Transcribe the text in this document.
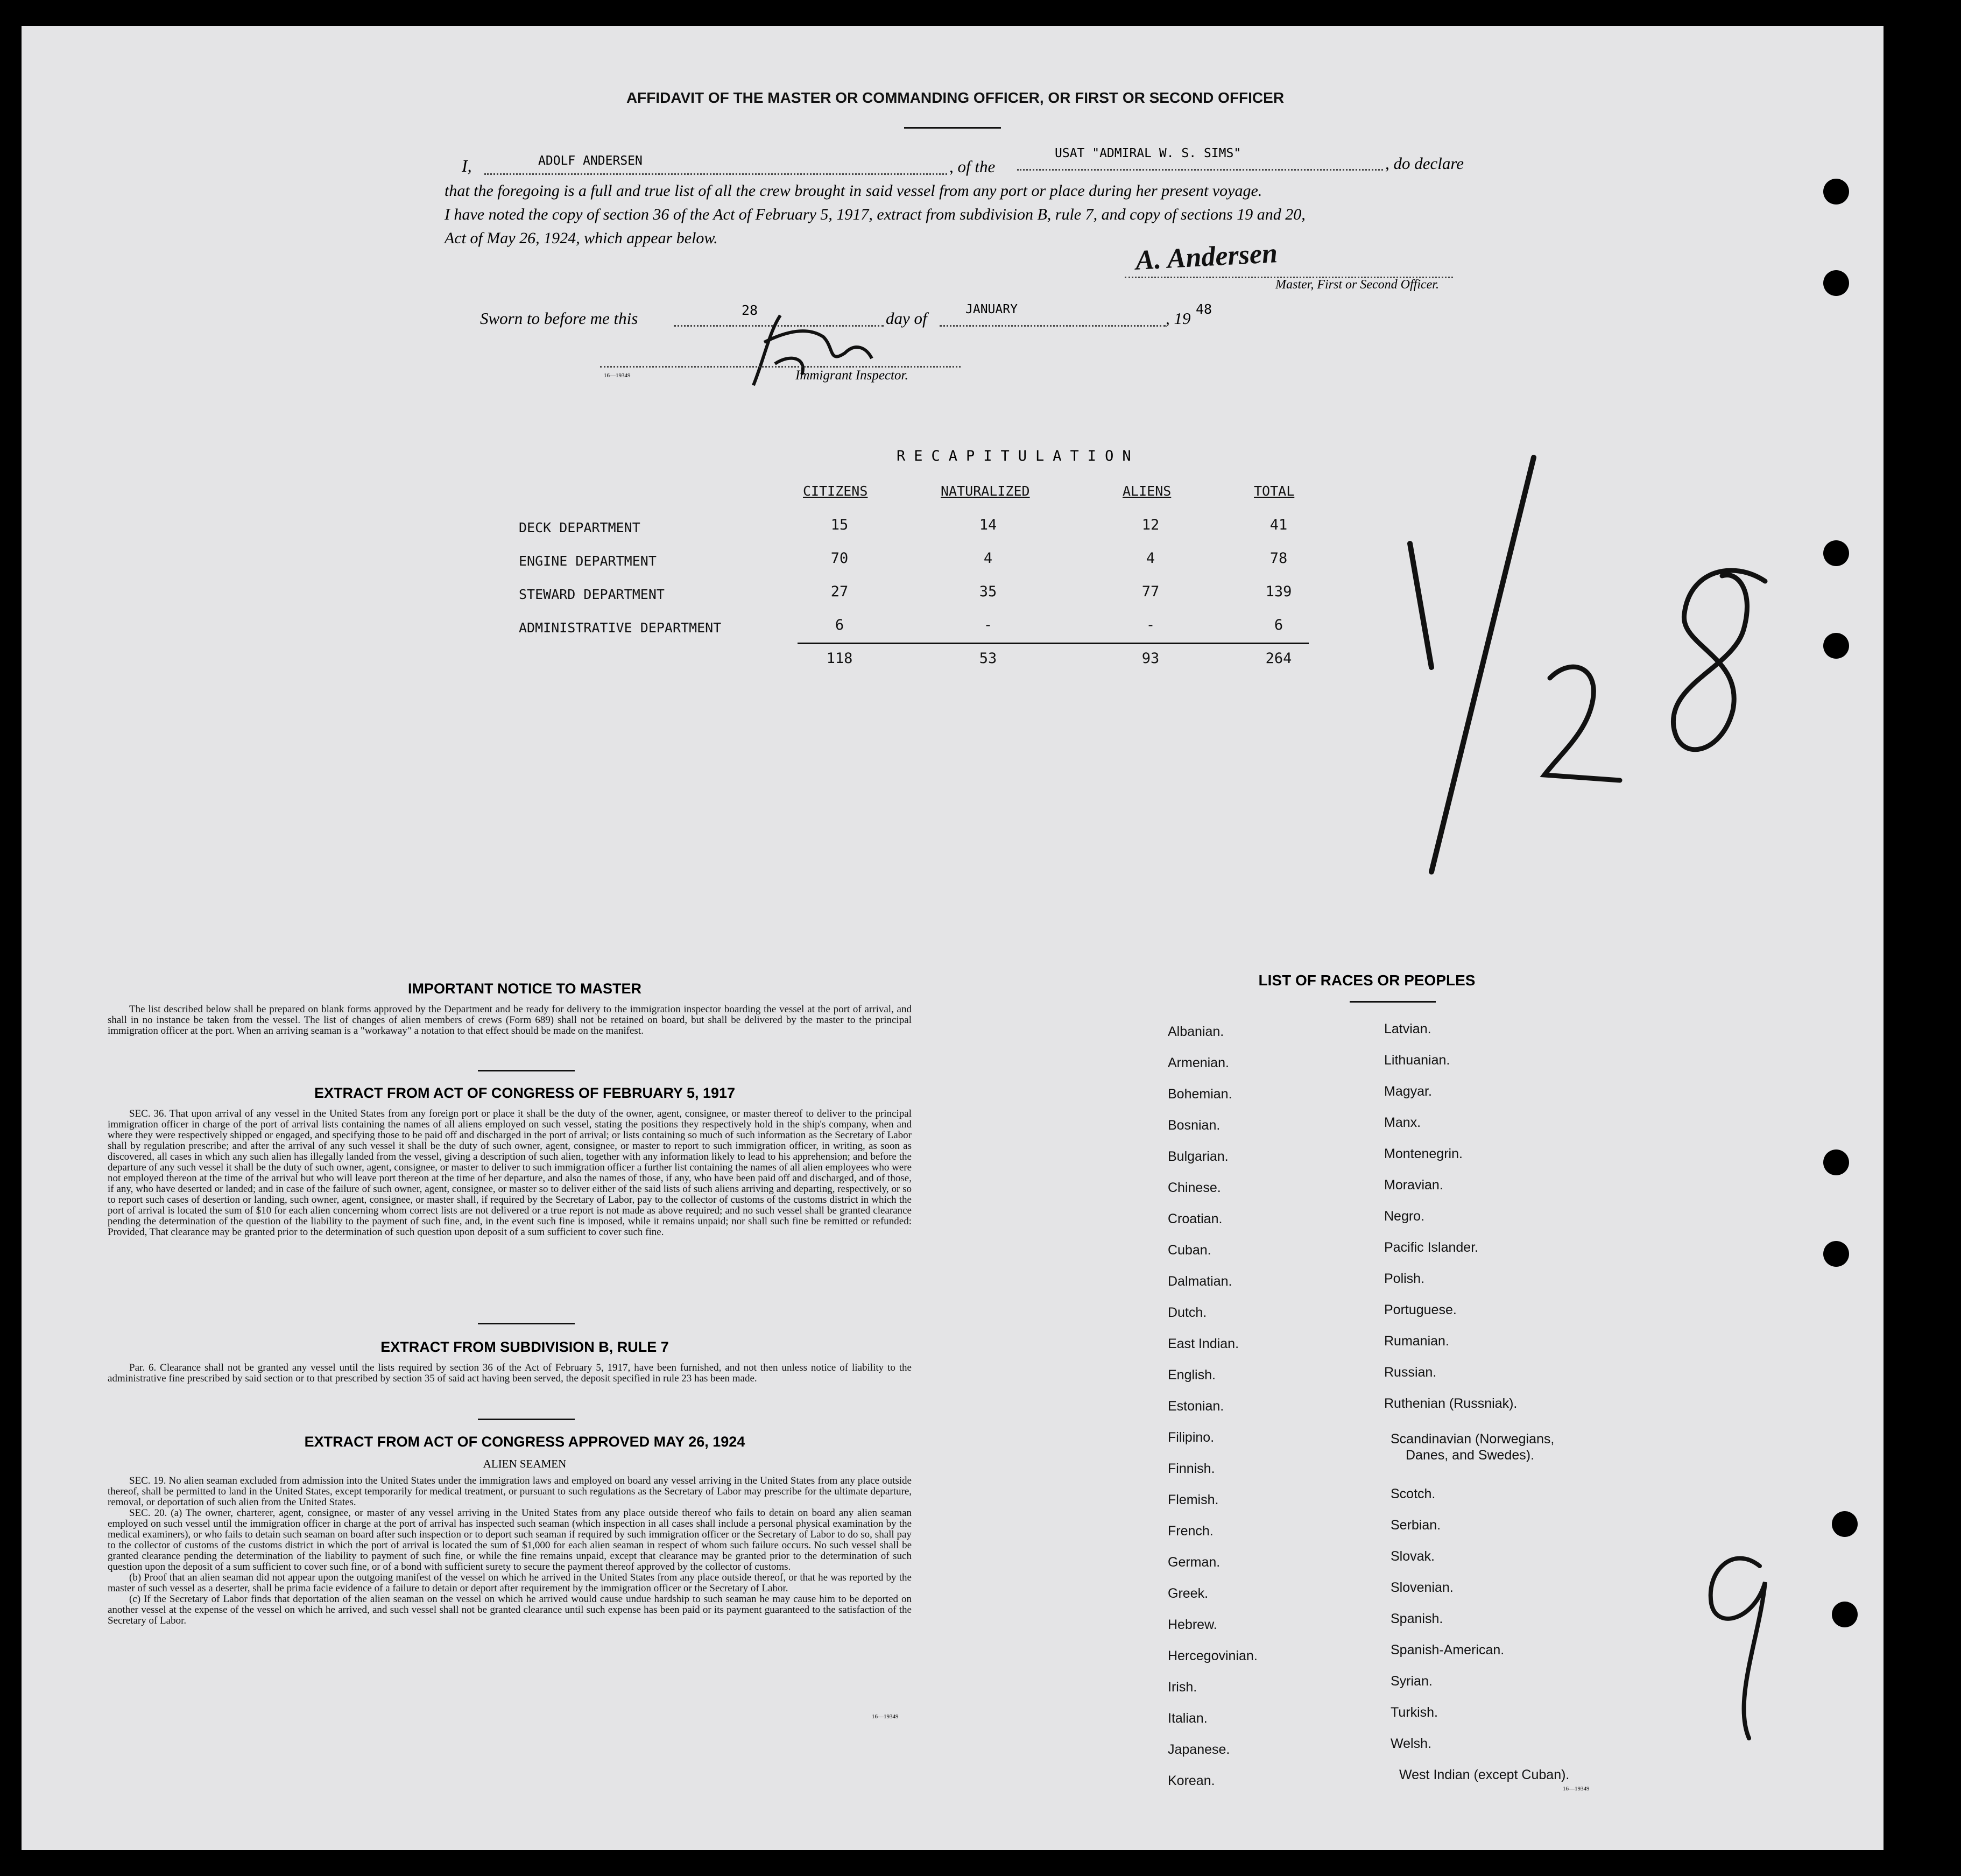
AFFIDAVIT OF THE MASTER OR COMMANDING OFFICER, OR FIRST OR SECOND OFFICER
I,	ADOLF ANDERSEN	, of the
USAT "ADMIRAL W. S. SIMS"
, do declare
that the foregoing is a full and true list of all the crew brought in said vessel from any port or place during her present voyage.
I have noted the copy of section 36 of the Act of February 5, 1917, extract from subdivision B, rule 7, and copy of sections 19 and 20,
Act of May 26, 1924, which appear below.	A. Andersen
Master, First or Second Officer.
Sworn to before me this	28	day of	JANUARY	, 19 48
16—19349	Immigrant Inspector.
RECAPITULATION
CITIZENS	NATURALIZED	ALIENS	TOTAL
DECK DEPARTMENT	15	14	12	41
ENGINE DEPARTMENT	70	4	4	78
STEWARD DEPARTMENT	27	35	77	139
ADMINISTRATIVE DEPARTMENT	6	-	-	6
118	53	93	264
IMPORTANT NOTICE TO MASTER

The list described below shall be prepared on blank forms approved by the Department and be ready for delivery to the immigration inspector boarding the vessel at the port of arrival, and shall in no instance be taken from the vessel. The list of changes of alien members of crews (Form 689) shall not be retained on board, but shall be delivered by the master to the principal immigration officer at the port. When an arriving seaman is a "workaway" a notation to that effect should be made on the manifest.

EXTRACT FROM ACT OF CONGRESS OF FEBRUARY 5, 1917

SEC. 36. That upon arrival of any vessel in the United States from any foreign port or place it shall be the duty of the owner, agent, consignee, or master thereof to deliver to the principal immigration officer in charge of the port of arrival lists containing the names of all aliens employed on such vessel, stating the positions they respectively hold in the ship's company, when and where they were respectively shipped or engaged, and specifying those to be paid off and discharged in the port of arrival; or lists containing so much of such information as the Secretary of Labor shall by regulation prescribe; and after the arrival of any such vessel it shall be the duty of such owner, agent, consignee, or master to report to such immigration officer, in writing, as soon as discovered, all cases in which any such alien has illegally landed from the vessel, giving a description of such alien, together with any information likely to lead to his apprehension; and before the departure of any such vessel it shall be the duty of such owner, agent, consignee, or master to deliver to such immigration officer a further list containing the names of all alien employees who were not employed thereon at the time of the arrival but who will leave port thereon at the time of her departure, and also the names of those, if any, who have been paid off and discharged, and of those, if any, who have deserted or landed; and in case of the failure of such owner, agent, consignee, or master so to deliver either of the said lists of such aliens arriving and departing, respectively, or so to report such cases of desertion or landing, such owner, agent, consignee, or master shall, if required by the Secretary of Labor, pay to the collector of customs of the customs district in which the port of arrival is located the sum of $10 for each alien concerning whom correct lists are not delivered or a true report is not made as above required; and no such vessel shall be granted clearance pending the determination of the question of the liability to the payment of such fine, and, in the event such fine is imposed, while it remains unpaid; nor shall such fine be remitted or refunded: Provided, That clearance may be granted prior to the determination of such question upon deposit of a sum sufficient to cover such fine.

EXTRACT FROM SUBDIVISION B, RULE 7

Par. 6. Clearance shall not be granted any vessel until the lists required by section 36 of the Act of February 5, 1917, have been furnished, and not then unless notice of liability to the administrative fine prescribed by said section or to that prescribed by section 35 of said act having been served, the deposit specified in rule 23 has been made.

EXTRACT FROM ACT OF CONGRESS APPROVED MAY 26, 1924
ALIEN SEAMEN

SEC. 19. No alien seaman excluded from admission into the United States under the immigration laws and employed on board any vessel arriving in the United States from any place outside thereof, shall be permitted to land in the United States, except temporarily for medical treatment, or pursuant to such regulations as the Secretary of Labor may prescribe for the ultimate departure, removal, or deportation of such alien from the United States.

SEC. 20. (a) The owner, charterer, agent, consignee, or master of any vessel arriving in the United States from any place outside thereof who fails to detain on board any alien seaman employed on such vessel until the immigration officer in charge at the port of arrival has inspected such seaman (which inspection in all cases shall include a personal physical examination by the medical examiners), or who fails to detain such seaman on board after such inspection or to deport such seaman if required by such immigration officer or the Secretary of Labor to do so, shall pay to the collector of customs of the customs district in which the port of arrival is located the sum of $1,000 for each alien seaman in respect of whom such failure occurs. No such vessel shall be granted clearance pending the determination of the liability to payment of such fine, or while the fine remains unpaid, except that clearance may be granted prior to the determination of such question upon the deposit of a sum sufficient to cover such fine, or of a bond with sufficient surety to secure the payment thereof approved by the collector of customs.

(b) Proof that an alien seaman did not appear upon the outgoing manifest of the vessel on which he arrived in the United States from any place outside thereof, or that he was reported by the master of such vessel as a deserter, shall be prima facie evidence of a failure to detain or deport after requirement by the immigration officer or the Secretary of Labor.

(c) If the Secretary of Labor finds that deportation of the alien seaman on the vessel on which he arrived would cause undue hardship to such seaman he may cause him to be deported on another vessel at the expense of the vessel on which he arrived, and such vessel shall not be granted clearance until such expense has been paid or its payment guaranteed to the satisfaction of the Secretary of Labor.

16—19349
LIST OF RACES OR PEOPLES
Albanian.
Armenian.
Bohemian.
Bosnian.
Bulgarian.
Chinese.
Croatian.
Cuban.
Dalmatian.
Dutch.
East Indian.
English.
Estonian.
Filipino.
Finnish.
Flemish.
French.
German.
Greek.
Hebrew.
Hercegovinian.
Irish.
Italian.
Japanese.
Korean.
Latvian.
Lithuanian.
Magyar.
Manx.
Montenegrin.
Moravian.
Negro.
Pacific Islander.
Polish.
Portuguese.
Rumanian.
Russian.
Ruthenian (Russniak).
Scandinavian (Norwegians,
Danes, and Swedes).
Scotch.
Serbian.
Slovak.
Slovenian.
Spanish.
Spanish-American.
Syrian.
Turkish.
Welsh.
West Indian (except Cuban).
16—19349
